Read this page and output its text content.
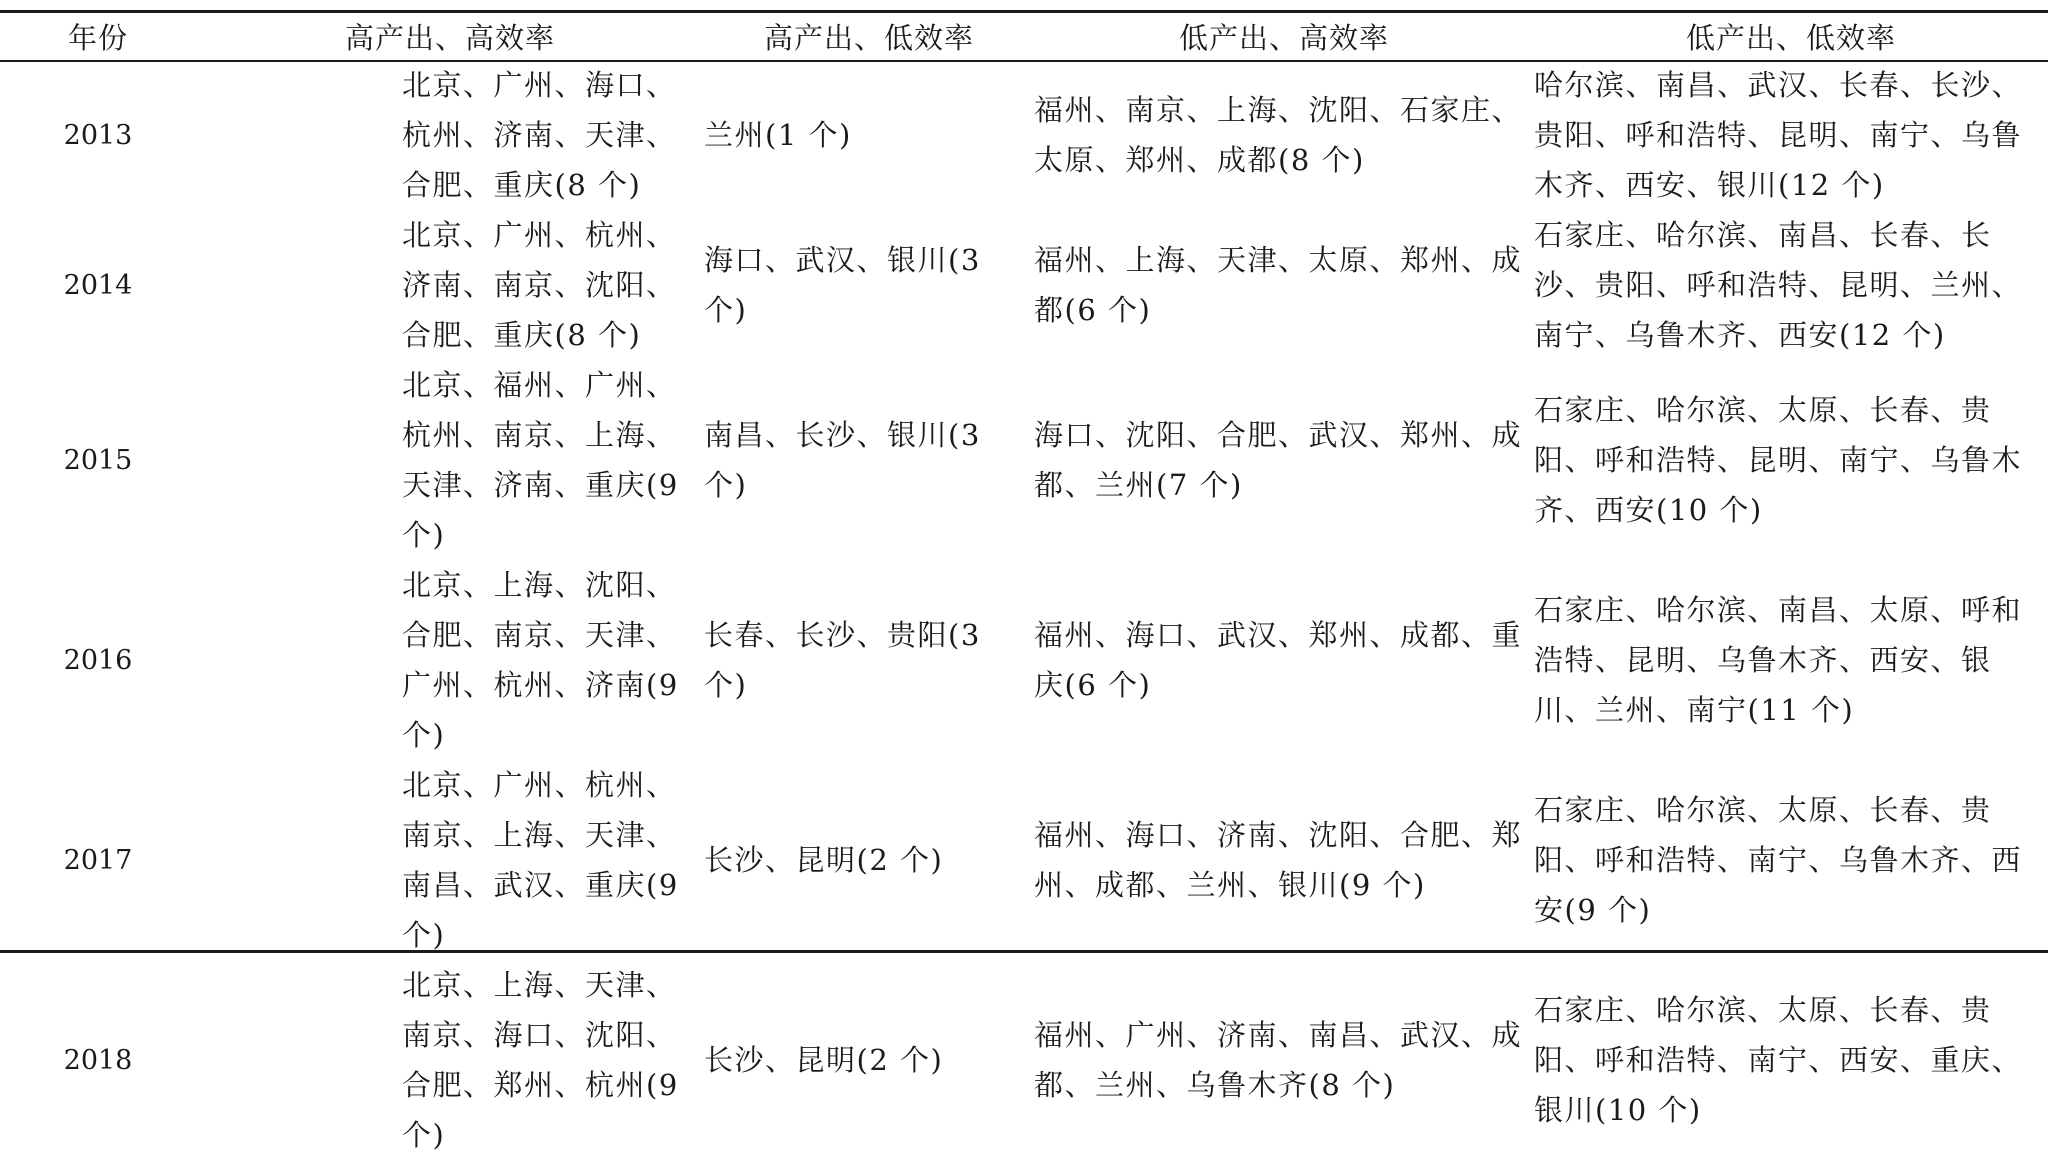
年份	高产出、高效率	高产出、低效率	低产出、高效率	低产出、低效率
2013	北京、广州、海口、杭州、济南、天津、合肥、重庆(8 个)	兰州(1 个)	福州、南京、上海、沈阳、石家庄、太原、郑州、成都(8 个)	哈尔滨、南昌、武汉、长春、长沙、贵阳、呼和浩特、昆明、南宁、乌鲁木齐、西安、银川(12 个)
2014	北京、广州、杭州、济南、南京、沈阳、合肥、重庆(8 个)	海口、武汉、银川(3 个)	福州、上海、天津、太原、郑州、成都(6 个)	石家庄、哈尔滨、南昌、长春、长沙、贵阳、呼和浩特、昆明、兰州、南宁、乌鲁木齐、西安(12 个)
2015	北京、福州、广州、杭州、南京、上海、天津、济南、重庆(9 个)	南昌、长沙、银川(3 个)	海口、沈阳、合肥、武汉、郑州、成都、兰州(7 个)	石家庄、哈尔滨、太原、长春、贵阳、呼和浩特、昆明、南宁、乌鲁木齐、西安(10 个)
2016	北京、上海、沈阳、合肥、南京、天津、广州、杭州、济南(9 个)	长春、长沙、贵阳(3 个)	福州、海口、武汉、郑州、成都、重庆(6 个)	石家庄、哈尔滨、南昌、太原、呼和浩特、昆明、乌鲁木齐、西安、银川、兰州、南宁(11 个)
2017	北京、广州、杭州、南京、上海、天津、南昌、武汉、重庆(9 个)	长沙、昆明(2 个)	福州、海口、济南、沈阳、合肥、郑州、成都、兰州、银川(9 个)	石家庄、哈尔滨、太原、长春、贵阳、呼和浩特、南宁、乌鲁木齐、西安(9 个)
2018	北京、上海、天津、南京、海口、沈阳、合肥、郑州、杭州(9 个)	长沙、昆明(2 个)	福州、广州、济南、南昌、武汉、成都、兰州、乌鲁木齐(8 个)	石家庄、哈尔滨、太原、长春、贵阳、呼和浩特、南宁、西安、重庆、银川(10 个)
